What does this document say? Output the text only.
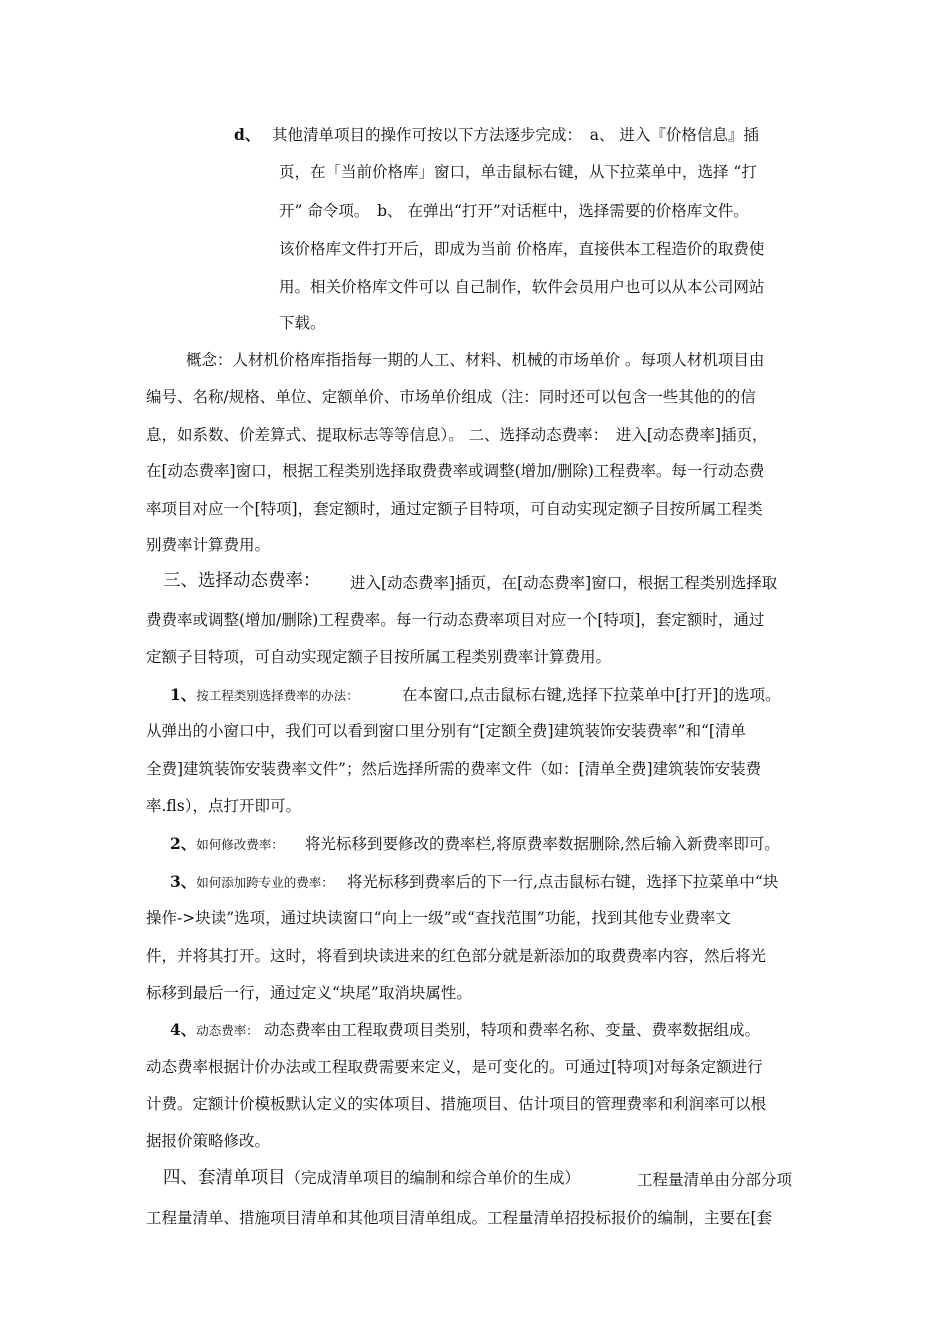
d、 其他清单项目的操作可按以下方法逐步完成：　a、 进入『价格信息』插
页，在「当前价格库」窗口，单击鼠标右键，从下拉菜单中，选择 “打
开” 命令项。　b、 在弹出“打开”对话框中，选择需要的价格库文件。
该价格库文件打开后，即成为当前 价格库，直接供本工程造价的取费使
用。相关价格库文件可以 自己制作，软件会员用户也可以从本公司网站
下载。
概念：人材机价格库指指每一期的人工、材料、机械的市场单价 。每项人材机项目由
编号、名称/规格、单位、定额单价、市场单价组成（注：同时还可以包含一些其他的的信
息，如系数、价差算式、提取标志等等信息）。 二、选择动态费率：　进入[动态费率]插页，
在[动态费率]窗口，根据工程类别选择取费费率或调整(增加/删除)工程费率。每一行动态费
率项目对应一个[特项]，套定额时，通过定额子目特项，可自动实现定额子目按所属工程类
别费率计算费用。
三、选择动态费率： 进入[动态费率]插页，在[动态费率]窗口，根据工程类别选择取
费费率或调整(增加/删除)工程费率。每一行动态费率项目对应一个[特项]，套定额时，通过
定额子目特项，可自动实现定额子目按所属工程类别费率计算费用。
1、按工程类别选择费率的办法：	在本窗口,点击鼠标右键,选择下拉菜单中[打开]的选项。
从弹出的小窗口中，我们可以看到窗口里分别有“[定额全费]建筑装饰安装费率”和“[清单
全费]建筑装饰安装费率文件”；然后选择所需的费率文件（如：[清单全费]建筑装饰安装费
率.fls），点打开即可。
2、如何修改费率： 将光标移到要修改的费率栏,将原费率数据删除,然后输入新费率即可。
3、如何添加跨专业的费率： 将光标移到费率后的下一行,点击鼠标右键，选择下拉菜单中“块
操作->块读”选项，通过块读窗口“向上一级”或“查找范围”功能，找到其他专业费率文
件，并将其打开。这时，将看到块读进来的红色部分就是新添加的取费费率内容，然后将光
标移到最后一行，通过定义“块尾”取消块属性。
4、动态费率： 动态费率由工程取费项目类别，特项和费率名称、变量、费率数据组成。
动态费率根据计价办法或工程取费需要来定义，是可变化的。可通过[特项]对每条定额进行
计费。定额计价模板默认定义的实体项目、措施项目、估计项目的管理费率和利润率可以根
据报价策略修改。
四、套清单项目（完成清单项目的编制和综合单价的生成）	工程量清单由分部分项
工程量清单、措施项目清单和其他项目清单组成。工程量清单招投标报价的编制，主要在[套
